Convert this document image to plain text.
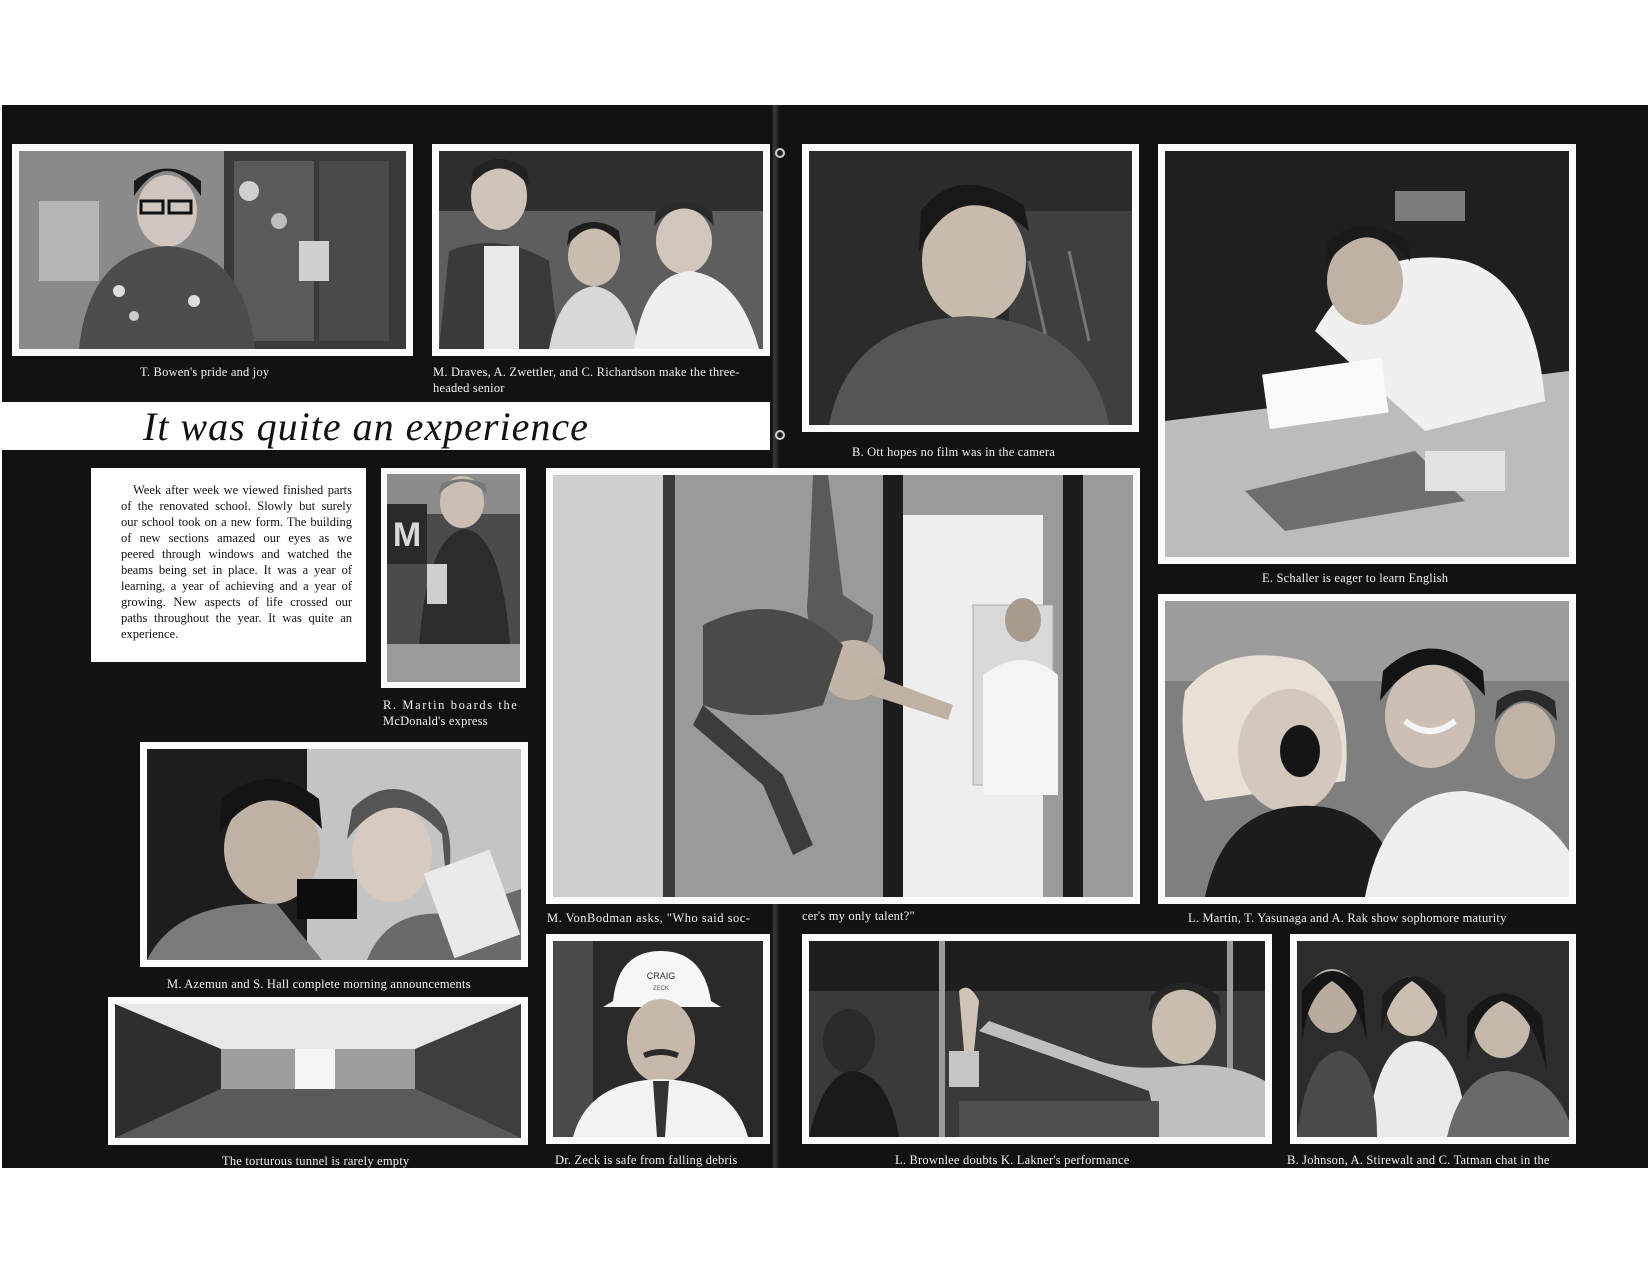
T. Bowen's pride and joy	M. Draves, A. Zwettler, and C. Richardson make the three-
headed senior
It was quite an experience

Week after week we viewed finished parts of the renovated school. Slowly but surely our school took on a new form. The building of new sections amazed our eyes as we peered through windows and watched the beams being set in place. It was a year of learning, a year of achieving and a year of growing. New aspects of life crossed our paths throughout the year. It was quite an experience.

M
R. Martin boards the
McDonald's express
M. Azemun and S. Hall complete morning announcements
The torturous tunnel is rarely empty
B. Ott hopes no film was in the camera
E. Schaller is eager to learn English
M. VonBodman asks, "Who said soc-	cer's my only talent?"	L. Martin, T. Yasunaga and A. Rak show sophomore maturity
CRAIG
ZECK
Dr. Zeck is safe from falling debris	L. Brownlee doubts K. Lakner's performance	B. Johnson, A. Stirewalt and C. Tatman chat in the
